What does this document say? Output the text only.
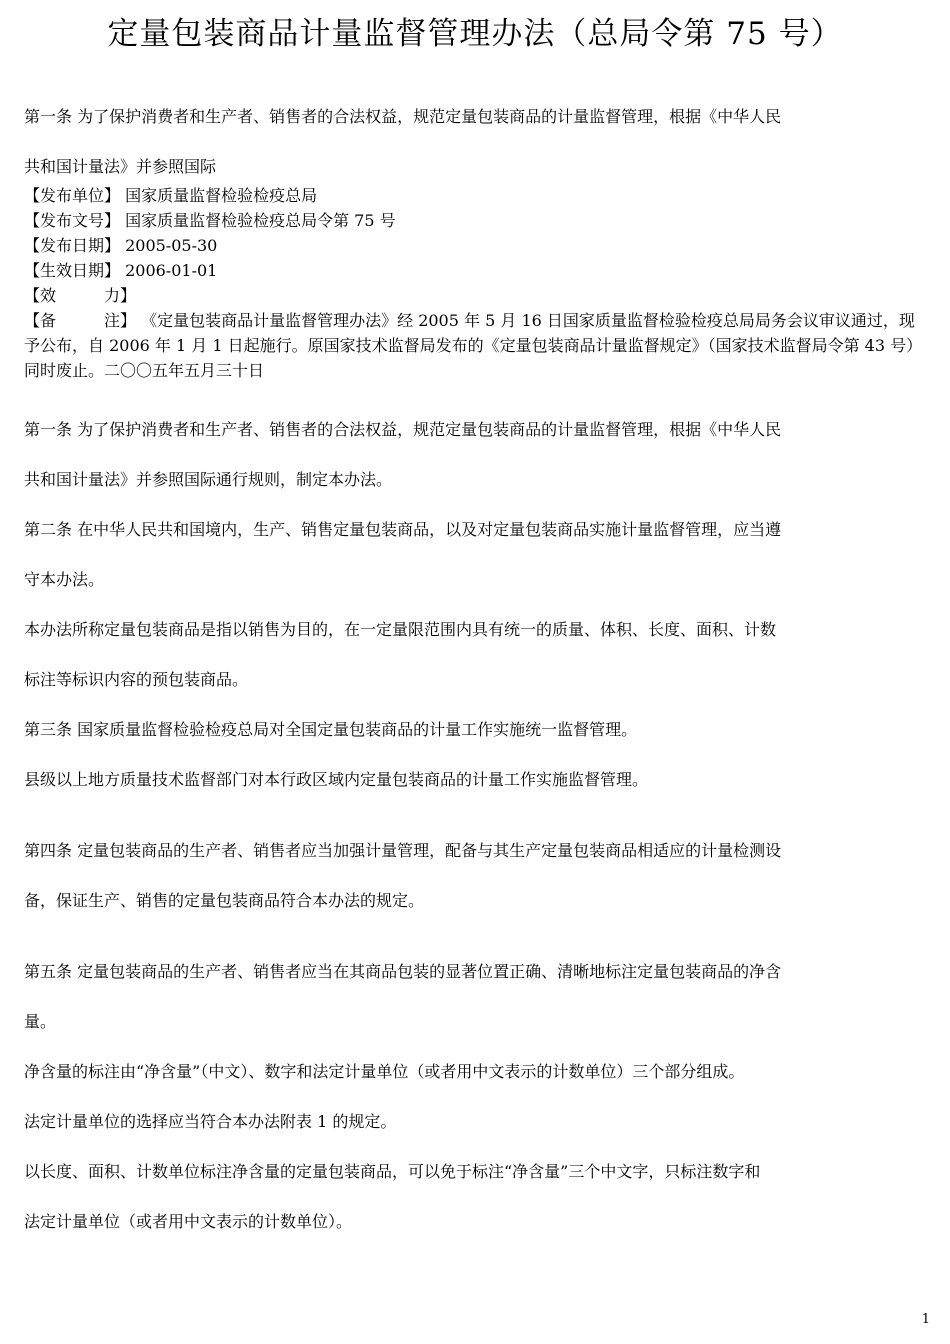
定量包装商品计量监督管理办法（总局令第 75 号）
第一条 为了保护消费者和生产者、销售者的合法权益，规范定量包装商品的计量监督管理，根据《中华人民
共和国计量法》并参照国际
【发布单位】 国家质量监督检验检疫总局
【发布文号】 国家质量监督检验检疫总局令第 75 号
【发布日期】 2005-05-30
【生效日期】 2006-01-01
【效　　　力】
【备　　　注】 《定量包装商品计量监督管理办法》经 2005 年 5 月 16 日国家质量监督检验检疫总局局务会议审议通过，现予公布，自 2006 年 1 月 1 日起施行。原国家技术监督局发布的《定量包装商品计量监督规定》（国家技术监督局令第 43 号）同时废止。二〇〇五年五月三十日
第一条 为了保护消费者和生产者、销售者的合法权益，规范定量包装商品的计量监督管理，根据《中华人民
共和国计量法》并参照国际通行规则，制定本办法。
第二条 在中华人民共和国境内，生产、销售定量包装商品，以及对定量包装商品实施计量监督管理，应当遵
守本办法。
本办法所称定量包装商品是指以销售为目的，在一定量限范围内具有统一的质量、体积、长度、面积、计数
标注等标识内容的预包装商品。
第三条 国家质量监督检验检疫总局对全国定量包装商品的计量工作实施统一监督管理。
县级以上地方质量技术监督部门对本行政区域内定量包装商品的计量工作实施监督管理。
第四条 定量包装商品的生产者、销售者应当加强计量管理，配备与其生产定量包装商品相适应的计量检测设
备，保证生产、销售的定量包装商品符合本办法的规定。
第五条 定量包装商品的生产者、销售者应当在其商品包装的显著位置正确、清晰地标注定量包装商品的净含
量。
净含量的标注由“净含量”（中文）、数字和法定计量单位（或者用中文表示的计数单位）三个部分组成。
法定计量单位的选择应当符合本办法附表 1 的规定。
以长度、面积、计数单位标注净含量的定量包装商品，可以免于标注“净含量”三个中文字，只标注数字和
法定计量单位（或者用中文表示的计数单位）。
1
